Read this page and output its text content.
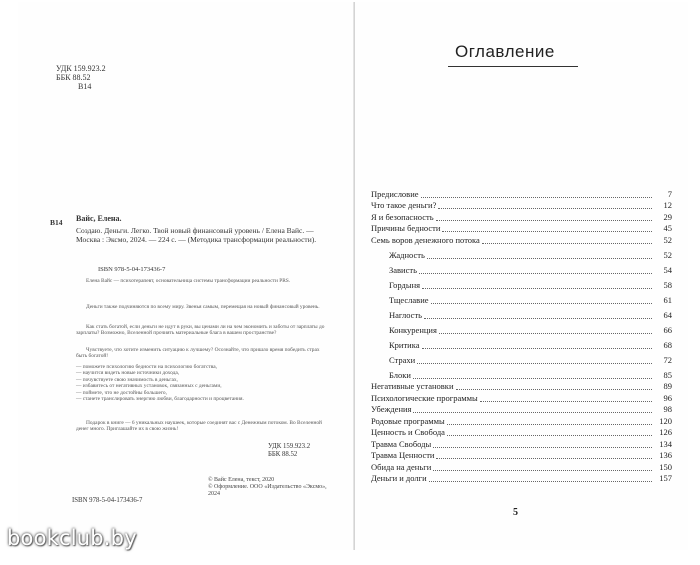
УДК 159.923.2
ББК 88.52
В14
В14 Вайс, Елена.
Создаю. Деньги. Легко. Твой новый финансовый уровень / Елена Вайс. — Москва : Эксмо, 2024. — 224 с. — (Методика трансформации реальности).
ISBN 978-5-04-173436-7

Елена Вайс — психотерапевт, основательница системы трансформации реальности PRS.

Деньги также подчиняются по всему миру. Звенья самым, перемещая на новый финансовый уровень.

Как стать богатой, если деньги не идут в руки, вы ценами ли на чем экономить и заботы от зарплаты до зарплаты? Возможно, Вселенной прочиять материальные блага в вашем пространстве?

Чувствуете, что хотите изменить ситуацию к лучшему? Осознайте, что пришло время победить страх быть богатой!

— поможете психологию бедности на психологию богатства,
— научится видеть новые источники дохода,
— почувствуете свою значимость в деньгах,
— избавитесь от негативных установок, связанных с деньгами,
— поймете, что не достойны большего,
— станете транслировать энергию любви, благодарности и процветания.

Подарок в книге — 6 уникальных наушеек, которые соединят вас с Денежным потоком. Во Вселенной денег много. Приглашайте их в свою жизнь!

УДК 159.923.2
ББК 88.52
© Вайс Елена, текст, 2020
© Оформление. ООО «Издательство «Эксмо», 2024
ISBN 978-5-04-173436-7
Оглавление
Предисловие	7
Что такое деньги?	12
Я и безопасность	29
Причины бедности	45
Семь воров денежного потока	52
Жадность	52
Зависть	54
Гордыня	58
Тщеславие	61
Наглость	64
Конкуренция	66
Критика	68
Страхи	72
Блоки	85
Негативные установки	89
Психологические программы	96
Убеждения	98
Родовые программы	120
Ценность и Свобода	126
Травма Свободы	134
Травма Ценности	136
Обида на деньги	150
Деньги и долги	157
5
bookclub.by
